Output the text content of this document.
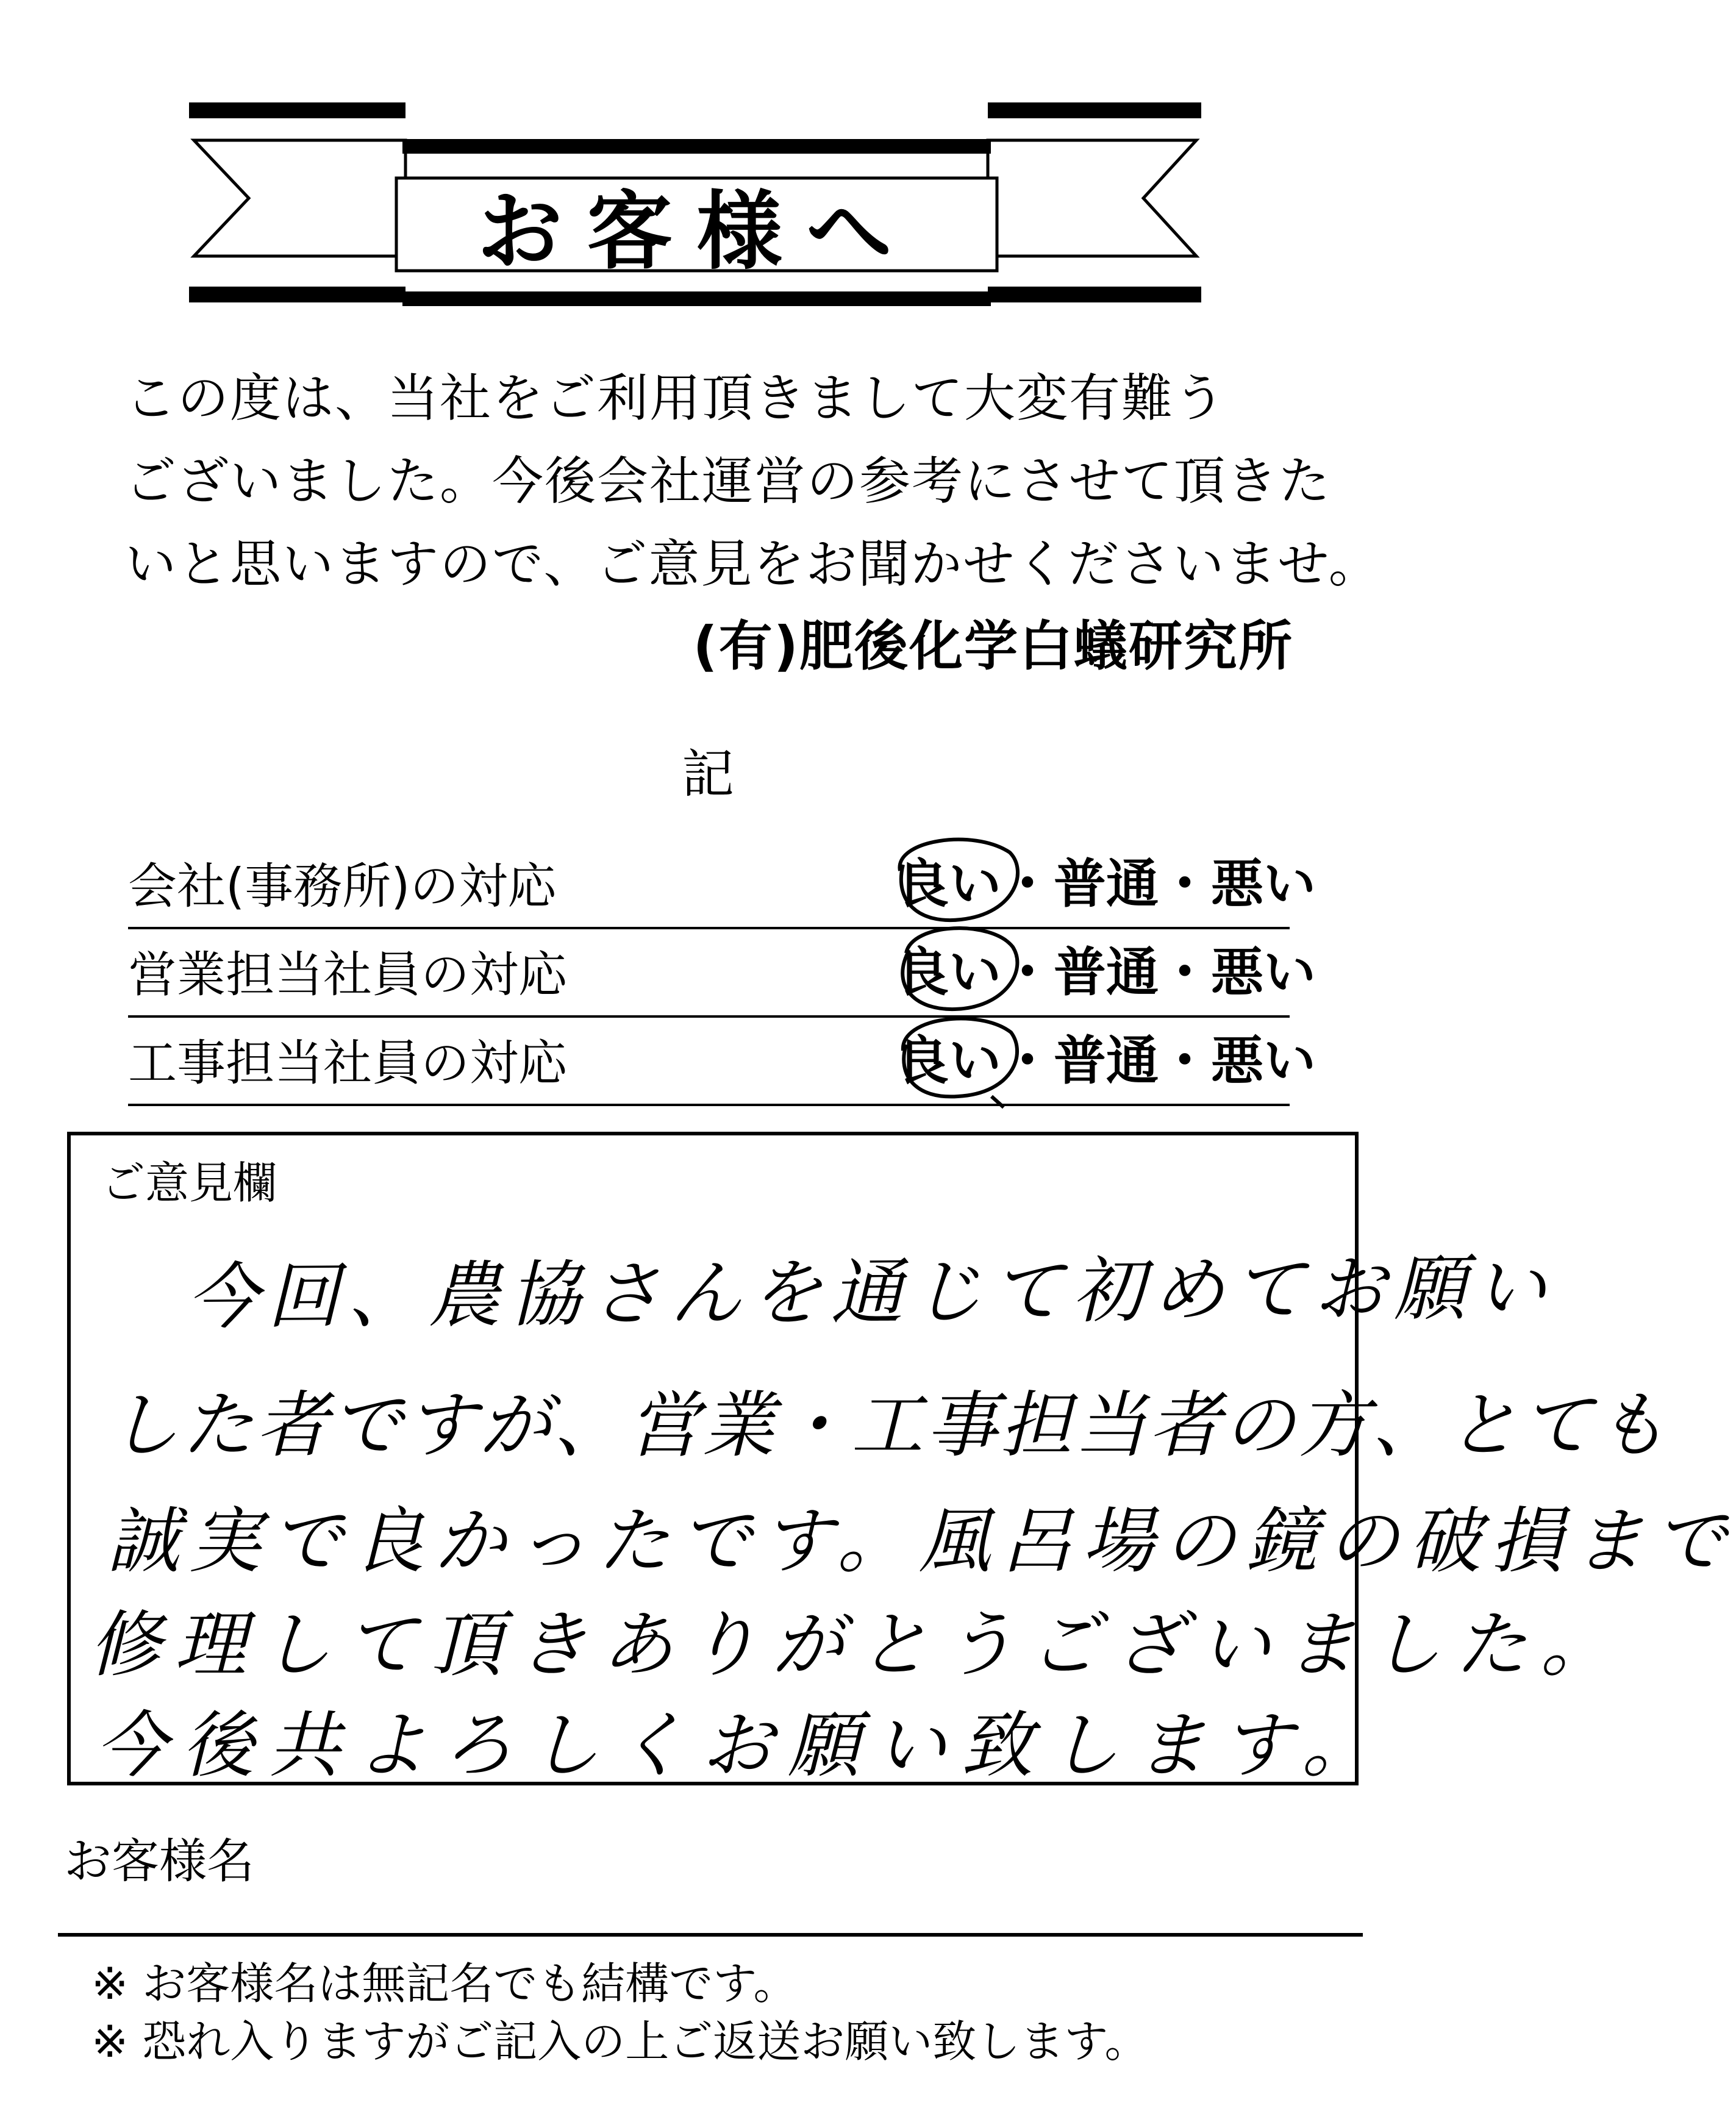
お客様へ
この度は、当社をご利用頂きまして大変有難う
ございました。今後会社運営の参考にさせて頂きた
いと思いますので、ご意見をお聞かせくださいませ。
(有)肥後化学白蟻研究所
記
会社(事務所)の対応	良い・普通・悪い
営業担当社員の対応	良い・普通・悪い
工事担当社員の対応	良い・普通・悪い
ご意見欄
今回、農協さんを通じて初めてお願い
した者ですが、営業・工事担当者の方、とても
誠実で良かったです。風呂場の鏡の破損まで
修理して頂きありがとうございました。
今後共よろしくお願い致します。
お客様名
※ お客様名は無記名でも結構です。
※ 恐れ入りますがご記入の上ご返送お願い致します。
